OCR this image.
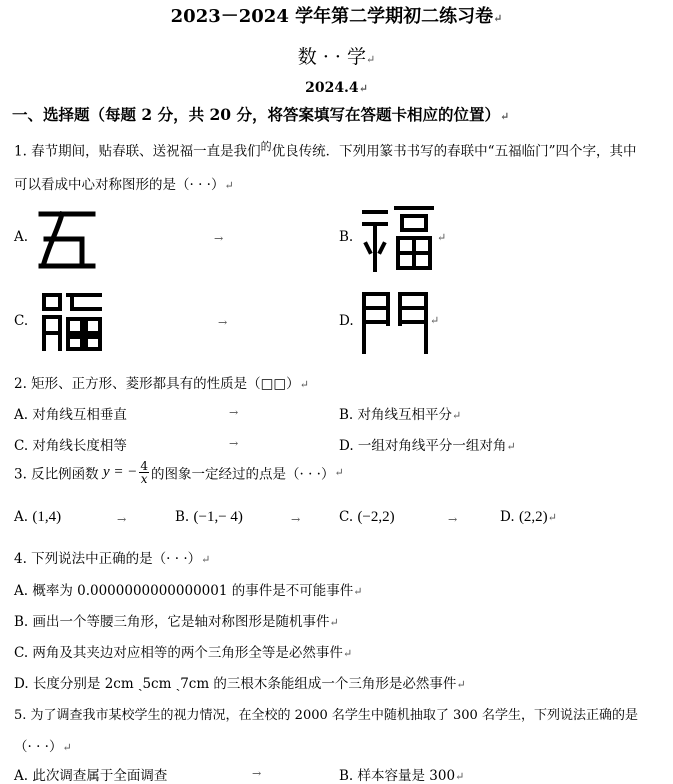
2023－2024 学年第二学期初二练习卷↵
数 · · 学↵
2024.4↵
一、选择题（每题 2 分，共 20 分，将答案填写在答题卡相应的位置）↵
1. 春节期间，贴春联、送祝福一直是我们$^的$优良传统．下列用篆书书写的春联中“五福临门”四个字，其中
可以看成中心对称图形的是（· · ·）↵
A.	→	B.	↵
C.	→	D.	↵
2. 矩形、正方形、菱形都具有的性质是（□□）↵
A. 对角线互相垂直	→	B. 对角线互相平分↵
C. 对角线长度相等	→	D. 一组对角线平分一组对角↵
3. 反比例函数 y = − $\frac{4}{x}$ 的图象一定经过的点是（· · ·）↵
A. (1,4)	→	B. (−1,− 4)	→	C. (−2,2)	→	D. (2,2)↵
4. 下列说法中正确的是（· · ·）↵
A. 概率为 0.0000000000000001 的事件是不可能事件↵
B. 画出一个等腰三角形，它是轴对称图形是随机事件↵
C. 两角及其夹边对应相等的两个三角形全等是必然事件↵
D. 长度分别是 2cm ˏ5cm ˏ7cm 的三根木条能组成一个三角形是必然事件↵
5. 为了调查我市某校学生的视力情况，在全校的 2000 名学生中随机抽取了 300 名学生，下列说法正确的是
（· · ·）↵
A. 此次调查属于全面调查	→	B. 样本容量是 300↵
